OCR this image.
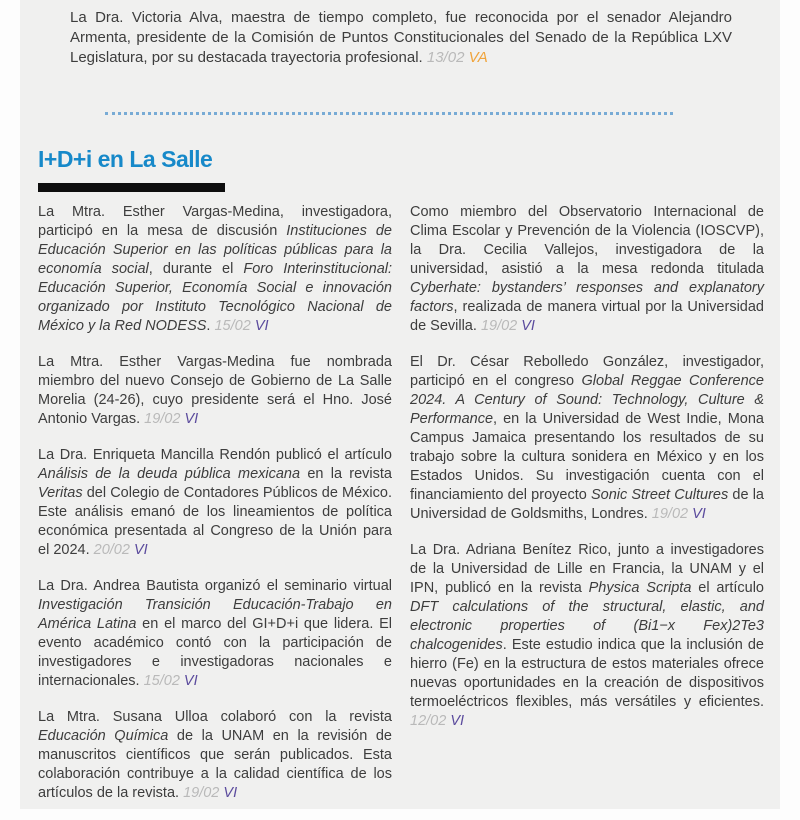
La Dra. Victoria Alva, maestra de tiempo completo, fue reconocida por el senador Alejandro Armenta, presidente de la Comisión de Puntos Constitucionales del Senado de la República LXV Legislatura, por su destacada trayectoria profesional. 13/02 VA

I+D+i en La Salle

La Mtra. Esther Vargas-Medina, investigadora, participó en la mesa de discusión Instituciones de Educación Superior en las políticas públicas para la economía social, durante el Foro Interinstitucional: Educación Superior, Economía Social e innovación organizado por Instituto Tecnológico Nacional de México y la Red NODESS. 15/02 VI

La Mtra. Esther Vargas-Medina fue nombrada miembro del nuevo Consejo de Gobierno de La Salle Morelia (24-26), cuyo presidente será el Hno. José Antonio Vargas. 19/02 VI

La Dra. Enriqueta Mancilla Rendón publicó el artículo Análisis de la deuda pública mexicana en la revista Veritas del Colegio de Contadores Públicos de México. Este análisis emanó de los lineamientos de política económica presentada al Congreso de la Unión para el 2024. 20/02 VI

La Dra. Andrea Bautista organizó el seminario virtual Investigación Transición Educación-Trabajo en América Latina en el marco del GI+D+i que lidera. El evento académico contó con la participación de investigadores e investigadoras nacionales e internacionales. 15/02 VI

La Mtra. Susana Ulloa colaboró con la revista Educación Química de la UNAM en la revisión de manuscritos científicos que serán publicados. Esta colaboración contribuye a la calidad científica de los artículos de la revista. 19/02 VI

Como miembro del Observatorio Internacional de Clima Escolar y Prevención de la Violencia (IOSCVP), la Dra. Cecilia Vallejos, investigadora de la universidad, asistió a la mesa redonda titulada Cyberhate: bystanders’ responses and explanatory factors, realizada de manera virtual por la Universidad de Sevilla. 19/02 VI

El Dr. César Rebolledo González, investigador, participó en el congreso Global Reggae Conference 2024. A Century of Sound: Technology, Culture & Performance, en la Universidad de West Indie, Mona Campus Jamaica presentando los resultados de su trabajo sobre la cultura sonidera en México y en los Estados Unidos. Su investigación cuenta con el financiamiento del proyecto Sonic Street Cultures de la Universidad de Goldsmiths, Londres. 19/02 VI

La Dra. Adriana Benítez Rico, junto a investigadores de la Universidad de Lille en Francia, la UNAM y el IPN, publicó en la revista Physica Scripta el artículo DFT calculations of the structural, elastic, and electronic properties of (Bi1−x Fex)2Te3 chalcogenides. Este estudio indica que la inclusión de hierro (Fe) en la estructura de estos materiales ofrece nuevas oportunidades en la creación de dispositivos termoeléctricos flexibles, más versátiles y eficientes. 12/02 VI
